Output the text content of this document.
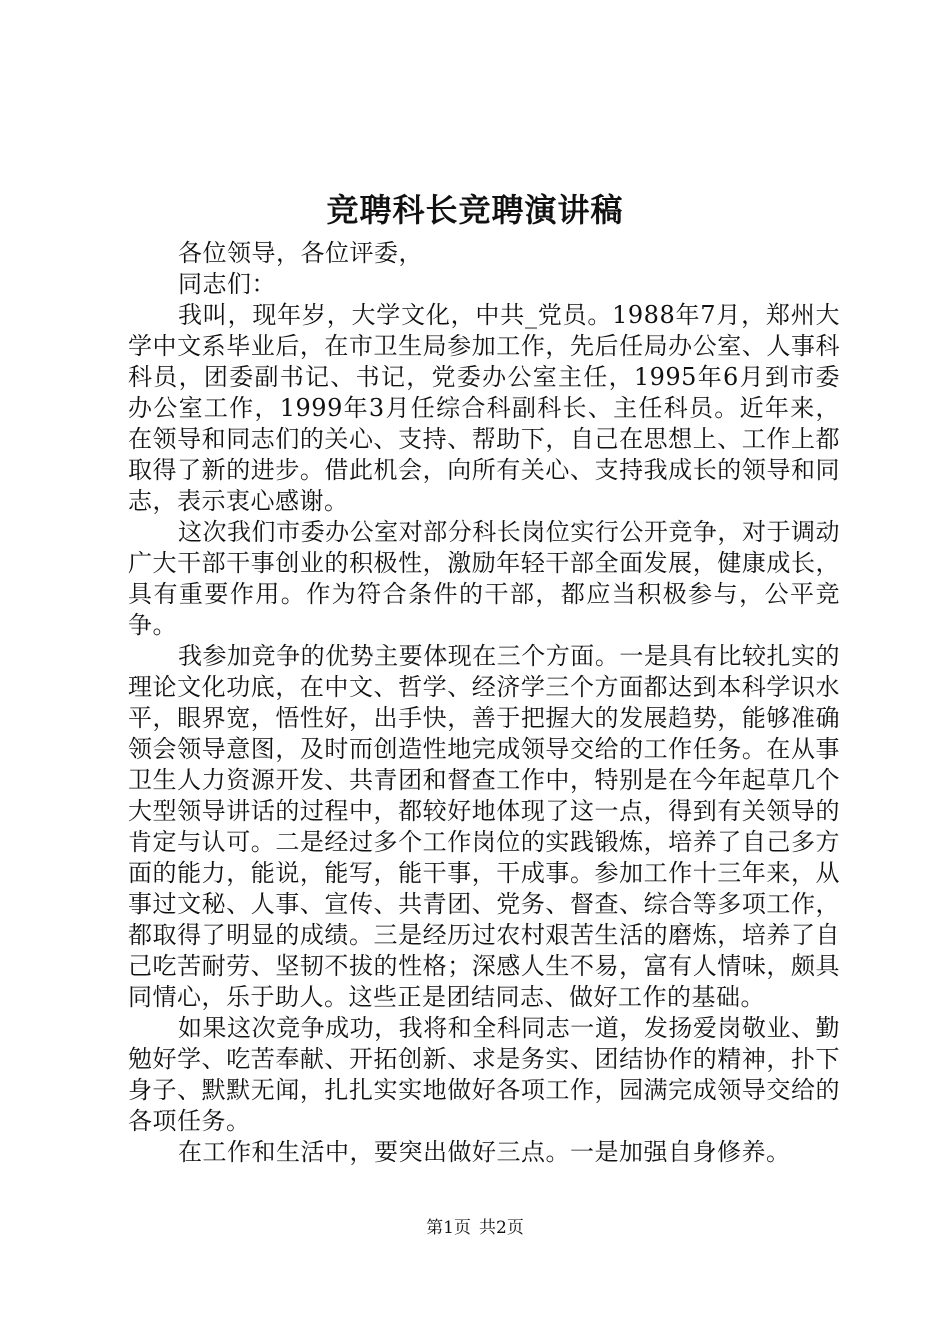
竞聘科长竞聘演讲稿

各位领导，各位评委，

同志们：

我叫，现年岁，大学文化，中共_党员。1988年7月，郑州大学中文系毕业后，在市卫生局参加工作，先后任局办公室、人事科科员，团委副书记、书记，党委办公室主任，1995年6月到市委办公室工作，1999年3月任综合科副科长、主任科员。近年来，在领导和同志们的关心、支持、帮助下，自己在思想上、工作上都取得了新的进步。借此机会，向所有关心、支持我成长的领导和同志，表示衷心感谢。

这次我们市委办公室对部分科长岗位实行公开竞争，对于调动广大干部干事创业的积极性，激励年轻干部全面发展，健康成长，具有重要作用。作为符合条件的干部，都应当积极参与，公平竞争。

我参加竞争的优势主要体现在三个方面。一是具有比较扎实的理论文化功底，在中文、哲学、经济学三个方面都达到本科学识水平，眼界宽，悟性好，出手快，善于把握大的发展趋势，能够准确领会领导意图，及时而创造性地完成领导交给的工作任务。在从事卫生人力资源开发、共青团和督查工作中，特别是在今年起草几个大型领导讲话的过程中，都较好地体现了这一点，得到有关领导的肯定与认可。二是经过多个工作岗位的实践锻炼，培养了自己多方面的能力，能说，能写，能干事，干成事。参加工作十三年来，从事过文秘、人事、宣传、共青团、党务、督查、综合等多项工作，都取得了明显的成绩。三是经历过农村艰苦生活的磨炼，培养了自己吃苦耐劳、坚韧不拔的性格；深感人生不易，富有人情味，颇具同情心，乐于助人。这些正是团结同志、做好工作的基础。

如果这次竞争成功，我将和全科同志一道，发扬爱岗敬业、勤勉好学、吃苦奉献、开拓创新、求是务实、团结协作的精神，扑下身子、默默无闻，扎扎实实地做好各项工作，园满完成领导交给的各项任务。

在工作和生活中，要突出做好三点。一是加强自身修养。

第1页 共2页
